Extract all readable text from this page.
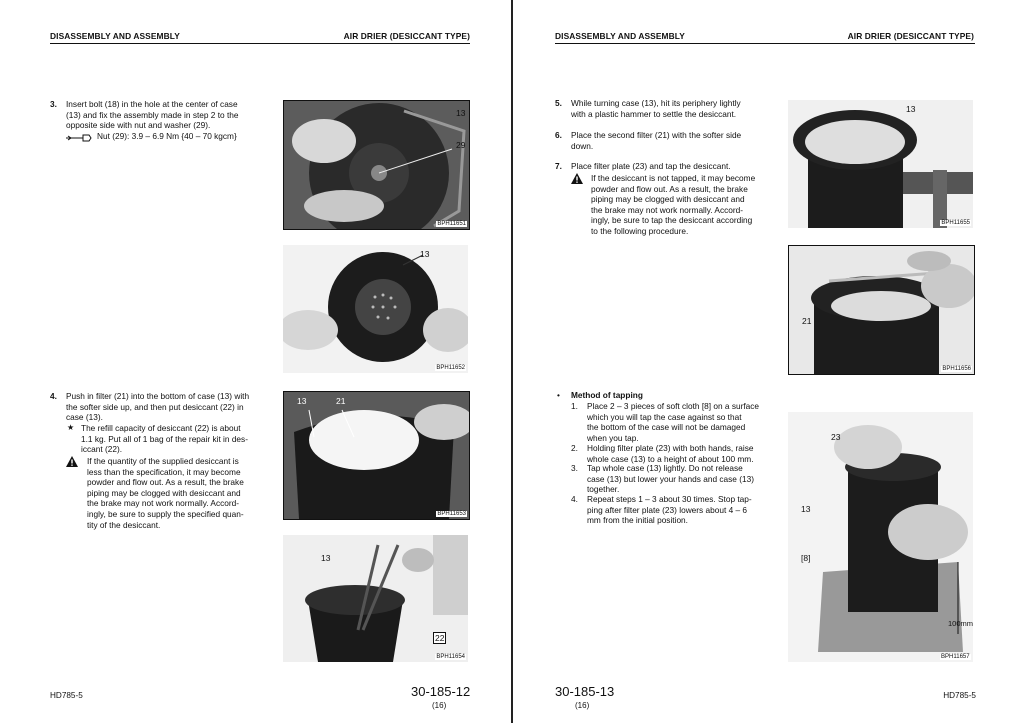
DISASSEMBLY AND ASSEMBLY	AIR DRIER (DESICCANT TYPE)
3. Insert bolt (18) in the hole at the center of case
(13) and fix the assembly made in step 2 to the
opposite side with nut and washer (29).
Nut (29): 3.9 – 6.9 Nm {40 – 70 kgcm}
4. Push in filter (21) into the bottom of case (13) with
the softer side up, and then put desiccant (22) in
case (13).
★ The refill capacity of desiccant (22) is about
1.1 kg. Put all of 1 bag of the repair kit in des-
iccant (22).
If the quantity of the supplied desiccant is
less than the specification, it may become
powder and flow out. As a result, the brake
piping may be clogged with desiccant and
the brake may not work normally. Accord-
ingly, be sure to supply the specified quan-
tity of the desiccant.
13
29
BPH11651
13
BPH11652
13	21
BPH11653
13
22
BPH11654
HD785-5	30-185-12
(16)
DISASSEMBLY AND ASSEMBLY	AIR DRIER (DESICCANT TYPE)
5. While turning case (13), hit its periphery lightly
with a plastic hammer to settle the desiccant.
6. Place the second filter (21) with the softer side
down.
7. Place filter plate (23) and tap the desiccant.
If the desiccant is not tapped, it may become
powder and flow out. As a result, the brake
piping may be clogged with desiccant and
the brake may not work normally. Accord-
ingly, be sure to tap the desiccant according
to the following procedure.
• Method of tapping
1. Place 2 – 3 pieces of soft cloth [8] on a surface
which you will tap the case against so that
the bottom of the case will not be damaged
when you tap.
2. Holding filter plate (23) with both hands, raise
whole case (13) to a height of about 100 mm.
3. Tap whole case (13) lightly. Do not release
case (13) but lower your hands and case (13)
together.
4. Repeat steps 1 – 3 about 30 times. Stop tap-
ping after filter plate (23) lowers about 4 – 6
mm from the initial position.
13
BPH11655
21
BPH11656
23
13
[8]
100mm
BPH11657
30-185-13
(16)
HD785-5
